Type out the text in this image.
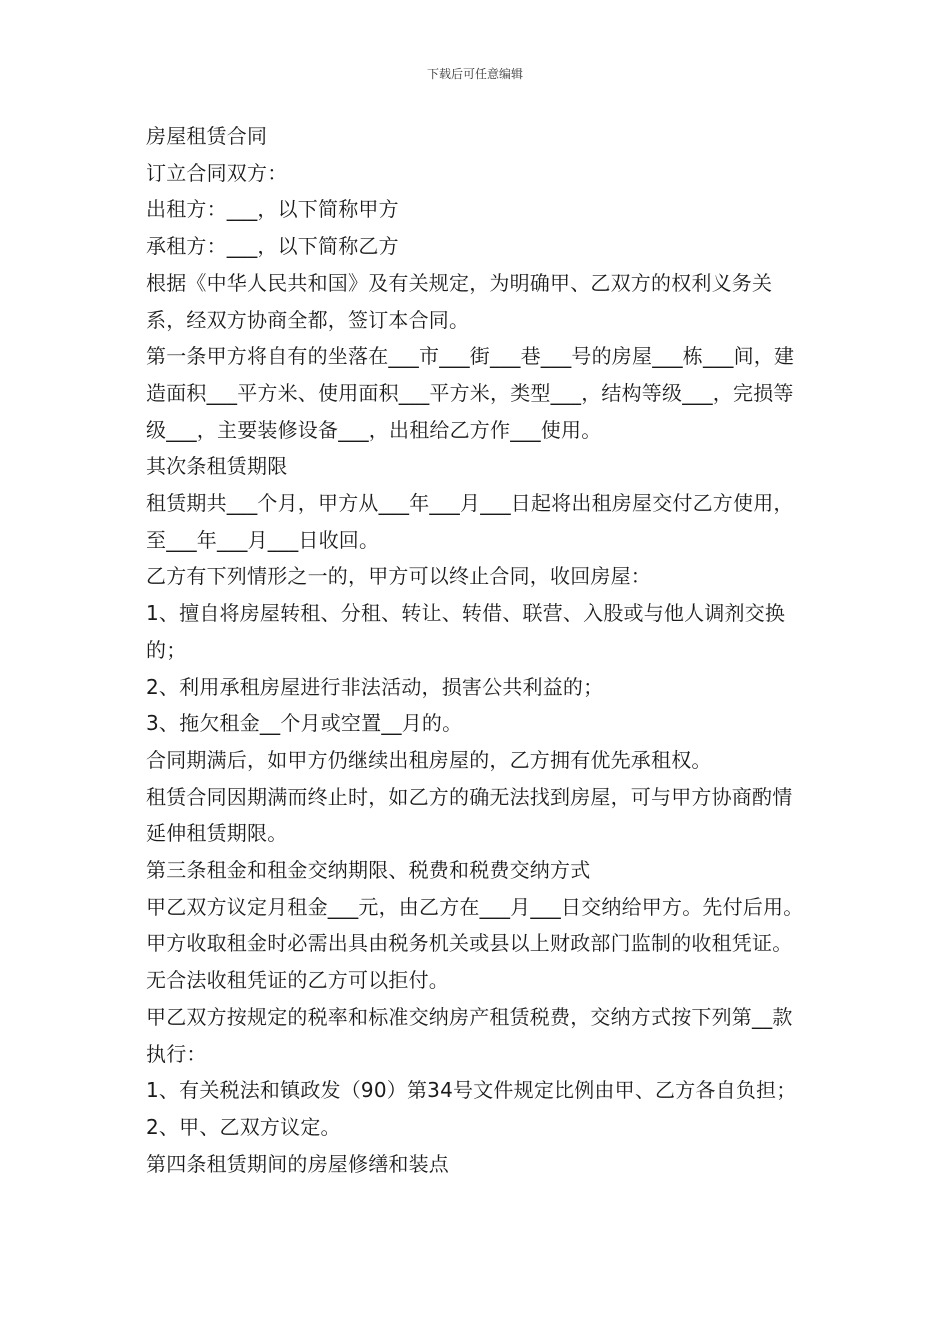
下载后可任意编辑

房屋租赁合同

订立合同双方：

出租方：___，以下简称甲方

承租方：___，以下简称乙方

根据《中华人民共和国》及有关规定，为明确甲、乙双方的权利义务关系，经双方协商全都，签订本合同。

第一条甲方将自有的坐落在___市___街___巷___号的房屋___栋___间，建造面积___平方米、使用面积___平方米，类型___，结构等级___，完损等级___，主要装修设备___，出租给乙方作___使用。

其次条租赁期限

租赁期共___个月，甲方从___年___月___日起将出租房屋交付乙方使用，至___年___月___日收回。

乙方有下列情形之一的，甲方可以终止合同，收回房屋：

1、擅自将房屋转租、分租、转让、转借、联营、入股或与他人调剂交换的；

2、利用承租房屋进行非法活动，损害公共利益的；

3、拖欠租金__个月或空置__月的。

合同期满后，如甲方仍继续出租房屋的，乙方拥有优先承租权。

租赁合同因期满而终止时，如乙方的确无法找到房屋，可与甲方协商酌情延伸租赁期限。

第三条租金和租金交纳期限、税费和税费交纳方式

甲乙双方议定月租金___元，由乙方在___月___日交纳给甲方。先付后用。甲方收取租金时必需出具由税务机关或县以上财政部门监制的收租凭证。无合法收租凭证的乙方可以拒付。

甲乙双方按规定的税率和标准交纳房产租赁税费，交纳方式按下列第__款执行：

1、有关税法和镇政发（90）第34号文件规定比例由甲、乙方各自负担；

2、甲、乙双方议定。

第四条租赁期间的房屋修缮和装点
